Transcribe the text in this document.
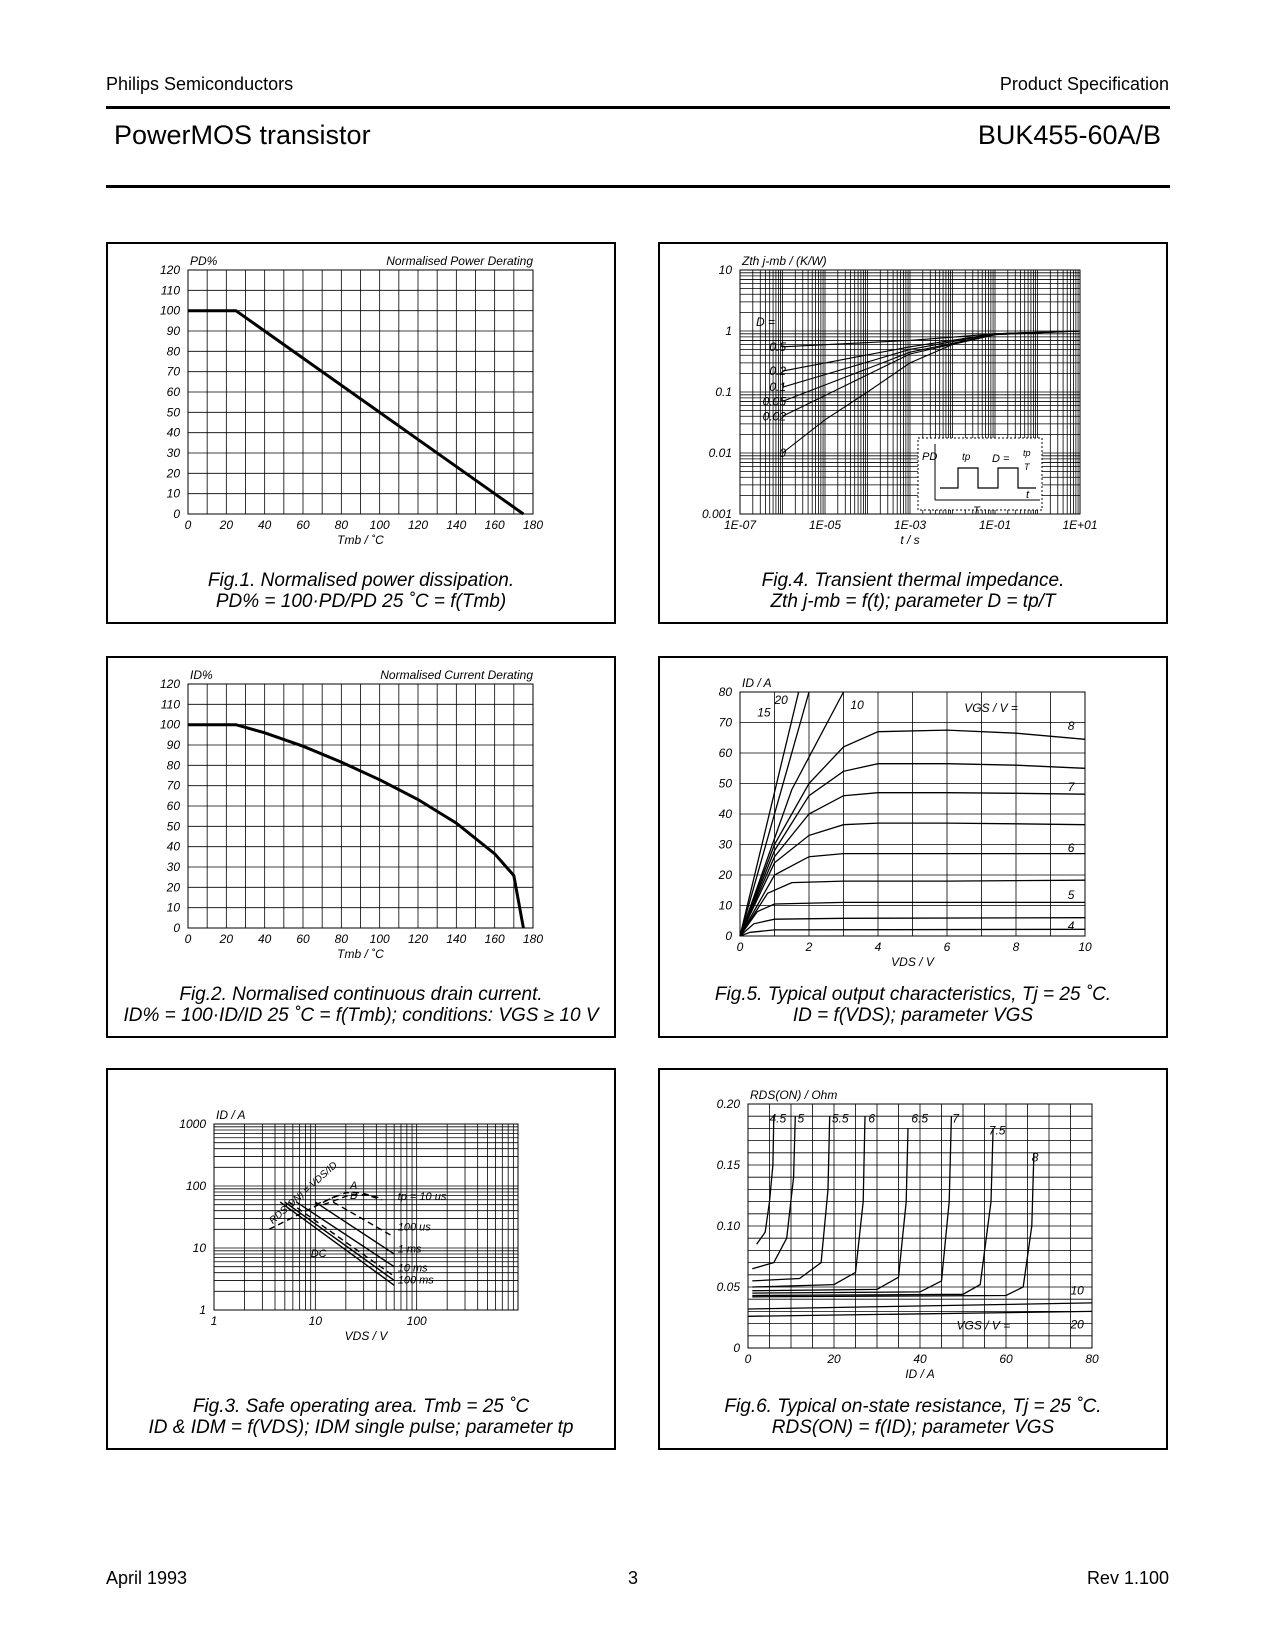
Philips Semiconductors	Product Specification
PowerMOS transistor	BUK455-60A/B
0 20 40 60 80 100 120 140 160 180
0
10
20
30
40
50
60
70
80
90
100
110
120
Tmb / ˚C
PD%	Normalised Power Derating
Fig.1. Normalised power dissipation.
PD% = 100·PD/PD 25 ˚C = f(Tmb)
1E-07	1E-05	1E-03	1E-01	1E+01
0.001
0.01
0.1
1
10
t / s
Zth j-mb / (K/W)
D =
0.5
0.2
0.1
0.05
0.02
0	PD tp D = tp
T
T
t
Fig.4. Transient thermal impedance.
Zth j-mb = f(t); parameter D = tp/T
0 20 40 60 80 100 120 140 160 180
0
10
20
30
40
50
60
70
80
90
100
110
120
Tmb / ˚C
ID%	Normalised Current Derating
Fig.2. Normalised continuous drain current.
ID% = 100·ID/ID 25 ˚C = f(Tmb); conditions: VGS ≥ 10 V
0	2	4	6	8	10
0
10
20
30
40
50
60
70
80
VDS / V
ID / A
VGS / V =
20
15
10
8
7
6
5
4
Fig.5. Typical output characteristics, Tj = 25 ˚C.
ID = f(VDS); parameter VGS
1	10	100
1
10
100
1000
VDS / V
ID / A
A
B
RDS(ON) = VDS/ID
DC
tp = 10 us
100 us
1 ms
10 ms
100 ms
Fig.3. Safe operating area. Tmb = 25 ˚C
ID & IDM = f(VDS); IDM single pulse; parameter tp
0	20	40	60	80
0
0.05
0.10
0.15
0.20
ID / A
RDS(ON) / Ohm
VGS / V =
4.5 5 5.5 6	6.5 7
7.5
8
10
20
Fig.6. Typical on-state resistance, Tj = 25 ˚C.
RDS(ON) = f(ID); parameter VGS
April 1993	3	Rev 1.100
